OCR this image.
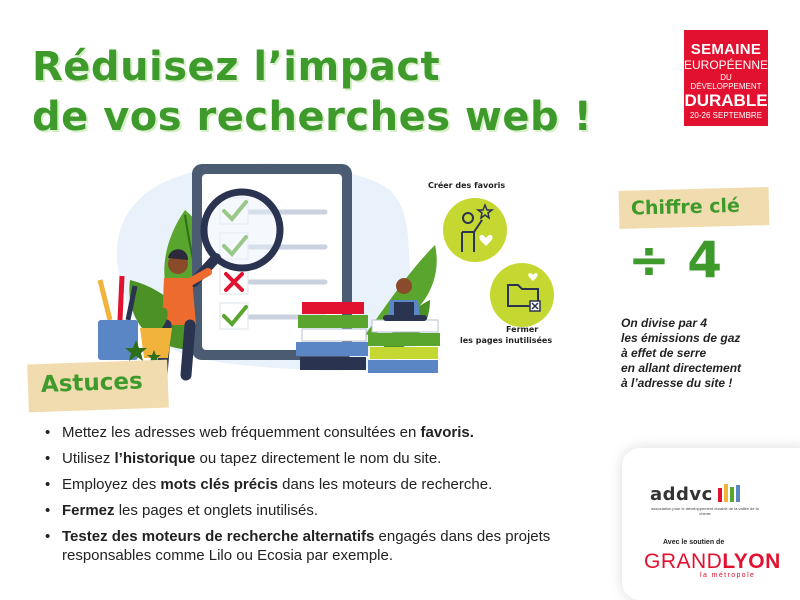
Réduisez l’impact
de vos recherches web !
SEMAINE
EUROPÉENNE
DU DÉVELOPPEMENT
DURABLE
20-26 SEPTEMBRE
Créer des favoris
Fermer
les pages inutilisées
Chiffre clé
÷ 4

On divise par 4
les émissions de gaz
à effet de serre
en allant directement
à l’adresse du site !

Astuces
• Mettez les adresses web fréquemment consultées en favoris.
• Utilisez l’historique ou tapez directement le nom du site.
• Employez des mots clés précis dans les moteurs de recherche.
• Fermez les pages et onglets inutilisés.
• Testez des moteurs de recherche alternatifs engagés dans des projets responsables comme Lilo ou Ecosia par exemple.
addvc
association pour le développement durable de la vallée de la chimie
Avec le soutien de
GRANDLYON
la métropole
